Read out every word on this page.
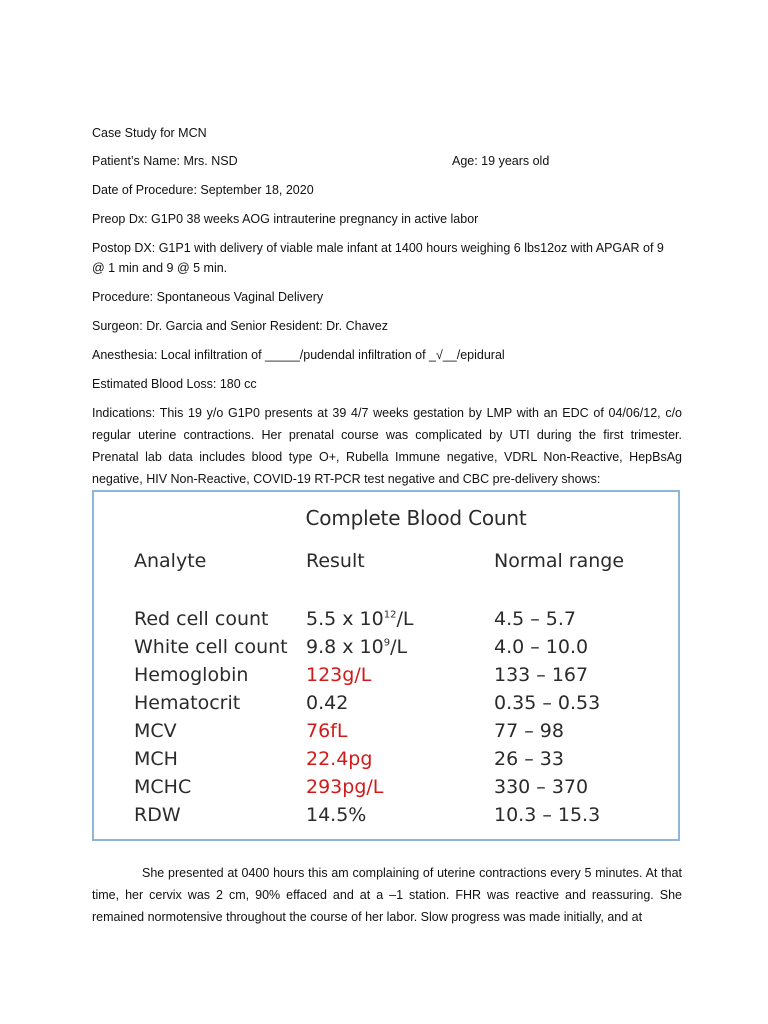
Case Study for MCN
Patient’s Name: Mrs. NSD	Age: 19 years old
Date of Procedure: September 18, 2020
Preop Dx: G1P0 38 weeks AOG intrauterine pregnancy in active labor
Postop DX: G1P1 with delivery of viable male infant at 1400 hours weighing 6 lbs12oz with APGAR of 9
@ 1 min and 9 @ 5 min.
Procedure: Spontaneous Vaginal Delivery
Surgeon: Dr. Garcia and Senior Resident: Dr. Chavez
Anesthesia: Local infiltration of _____/pudendal infiltration of _√__/epidural
Estimated Blood Loss: 180 cc
Indications: This 19 y/o G1P0 presents at 39 4/7 weeks gestation by LMP with an EDC of 04/06/12, c/o regular uterine contractions. Her prenatal course was complicated by UTI during the first trimester. Prenatal lab data includes blood type O+, Rubella Immune negative, VDRL Non-Reactive, HepBsAg negative, HIV Non-Reactive, COVID-19 RT-PCR test negative and CBC pre-delivery shows:
Complete Blood Count
Analyte	Result	Normal range
Red cell count 5.5 x $10^{12}/L$	4.5 – 5.7
White cell count 9.8 x $10^9/L$	4.0 – 10.0
Hemoglobin	123g/L	133 – 167
Hematocrit	0.42	0.35 – 0.53
MCV	76fL	77 – 98
MCH	22.4pg	26 – 33
MCHC	293pg/L	330 – 370
RDW	14.5%	10.3 – 15.3
She presented at 0400 hours this am complaining of uterine contractions every 5 minutes. At that time, her cervix was 2 cm, 90% effaced and at a –1 station. FHR was reactive and reassuring. She remained normotensive throughout the course of her labor. Slow progress was made initially, and at
